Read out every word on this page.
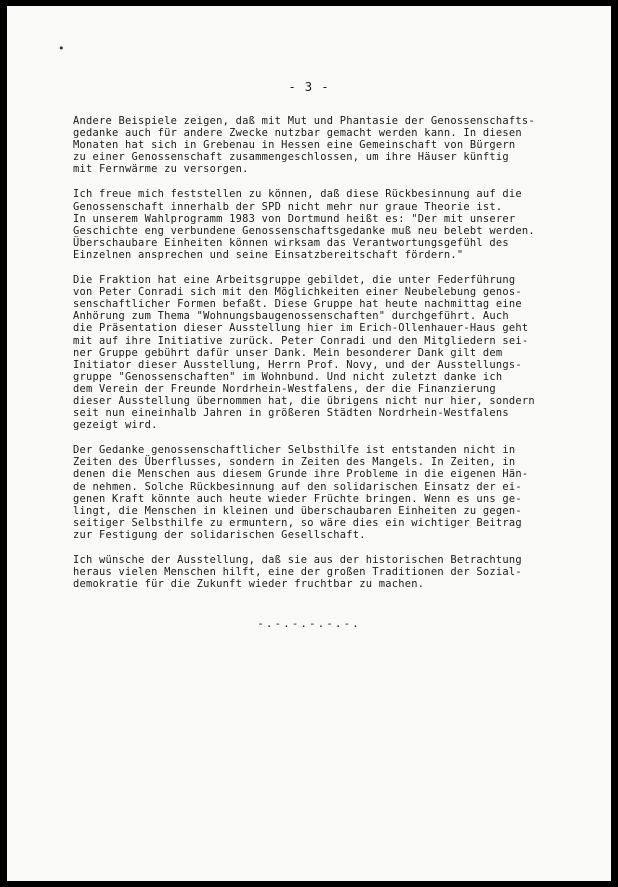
•
- 3 -

Andere Beispiele zeigen, daß mit Mut und Phantasie der Genossenschafts-
gedanke auch für andere Zwecke nutzbar gemacht werden kann. In diesen
Monaten hat sich in Grebenau in Hessen eine Gemeinschaft von Bürgern
zu einer Genossenschaft zusammengeschlossen, um ihre Häuser künftig
mit Fernwärme zu versorgen.

Ich freue mich feststellen zu können, daß diese Rückbesinnung auf die
Genossenschaft innerhalb der SPD nicht mehr nur graue Theorie ist.
In unserem Wahlprogramm 1983 von Dortmund heißt es: "Der mit unserer
Geschichte eng verbundene Genossenschaftsgedanke muß neu belebt werden.
Überschaubare Einheiten können wirksam das Verantwortungsgefühl des
Einzelnen ansprechen und seine Einsatzbereitschaft fördern."

Die Fraktion hat eine Arbeitsgruppe gebildet, die unter Federführung
von Peter Conradi sich mit den Möglichkeiten einer Neubelebung genos-
senschaftlicher Formen befaßt. Diese Gruppe hat heute nachmittag eine
Anhörung zum Thema "Wohnungsbaugenossenschaften" durchgeführt. Auch
die Präsentation dieser Ausstellung hier im Erich-Ollenhauer-Haus geht
mit auf ihre Initiative zurück. Peter Conradi und den Mitgliedern sei-
ner Gruppe gebührt dafür unser Dank. Mein besonderer Dank gilt dem
Initiator dieser Ausstellung, Herrn Prof. Novy, und der Ausstellungs-
gruppe "Genossenschaften" im Wohnbund. Und nicht zuletzt danke ich
dem Verein der Freunde Nordrhein-Westfalens, der die Finanzierung
dieser Ausstellung übernommen hat, die übrigens nicht nur hier, sondern
seit nun eineinhalb Jahren in größeren Städten Nordrhein-Westfalens
gezeigt wird.

Der Gedanke genossenschaftlicher Selbsthilfe ist entstanden nicht in
Zeiten des Überflusses, sondern in Zeiten des Mangels. In Zeiten, in
denen die Menschen aus diesem Grunde ihre Probleme in die eigenen Hän-
de nehmen. Solche Rückbesinnung auf den solidarischen Einsatz der ei-
genen Kraft könnte auch heute wieder Früchte bringen. Wenn es uns ge-
lingt, die Menschen in kleinen und überschaubaren Einheiten zu gegen-
seitiger Selbsthilfe zu ermuntern, so wäre dies ein wichtiger Beitrag
zur Festigung der solidarischen Gesellschaft.

Ich wünsche der Ausstellung, daß sie aus der historischen Betrachtung
heraus vielen Menschen hilft, eine der großen Traditionen der Sozial-
demokratie für die Zukunft wieder fruchtbar zu machen.

-.-.-.-.-.-.
